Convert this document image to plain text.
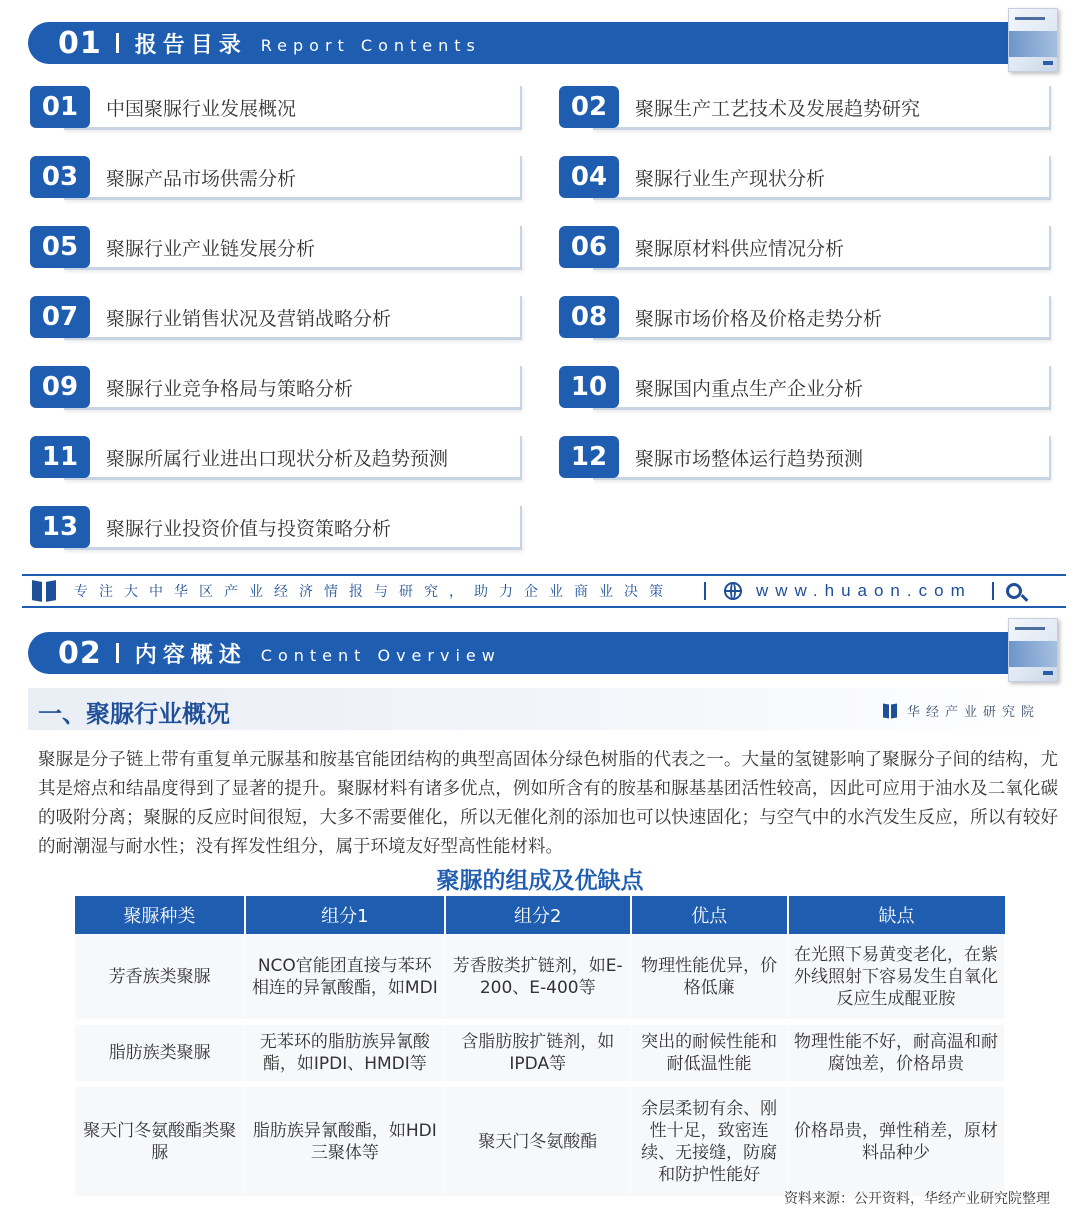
01 报告目录 Report Contents
01	中国聚脲行业发展概况	02	聚脲生产工艺技术及发展趋势研究
03	聚脲产品市场供需分析	04	聚脲行业生产现状分析
05	聚脲行业产业链发展分析	06	聚脲原材料供应情况分析
07	聚脲行业销售状况及营销战略分析	08	聚脲市场价格及价格走势分析
09	聚脲行业竞争格局与策略分析	10	聚脲国内重点生产企业分析
11	聚脲所属行业进出口现状分析及趋势预测	12	聚脲市场整体运行趋势预测
13	聚脲行业投资价值与投资策略分析
专注大中华区产业经济情报与研究，助力企业商业决策	www.huaon.com
02 内容概述 Content Overview
一、聚脲行业概况	华经产业研究院
聚脲是分子链上带有重复单元脲基和胺基官能团结构的典型高固体分绿色树脂的代表之一。大量的氢键影响了聚脲分子间的结构，尤其是熔点和结晶度得到了显著的提升。聚脲材料有诸多优点，例如所含有的胺基和脲基基团活性较高，因此可应用于油水及二氧化碳的吸附分离；聚脲的反应时间很短，大多不需要催化，所以无催化剂的添加也可以快速固化；与空气中的水汽发生反应，所以有较好的耐潮湿与耐水性；没有挥发性组分，属于环境友好型高性能材料。
聚脲的组成及优缺点
聚脲种类	组分1	组分2	优点	缺点
芳香族类聚脲	NCO官能团直接与苯环相连的异氰酸酯，如MDI	芳香胺类扩链剂，如E-200、E-400等	物理性能优异，价格低廉	在光照下易黄变老化，在紫外线照射下容易发生自氧化反应生成醌亚胺
脂肪族类聚脲	无苯环的脂肪族异氰酸酯，如IPDI、HMDI等	含脂肪胺扩链剂，如IPDA等	突出的耐候性能和耐低温性能	物理性能不好，耐高温和耐腐蚀差，价格昂贵
聚天门冬氨酸酯类聚脲	脂肪族异氰酸酯，如HDI三聚体等	聚天门冬氨酸酯	余层柔韧有余、刚性十足，致密连续、无接缝，防腐和防护性能好	价格昂贵，弹性稍差，原材料品种少
资料来源：公开资料，华经产业研究院整理
